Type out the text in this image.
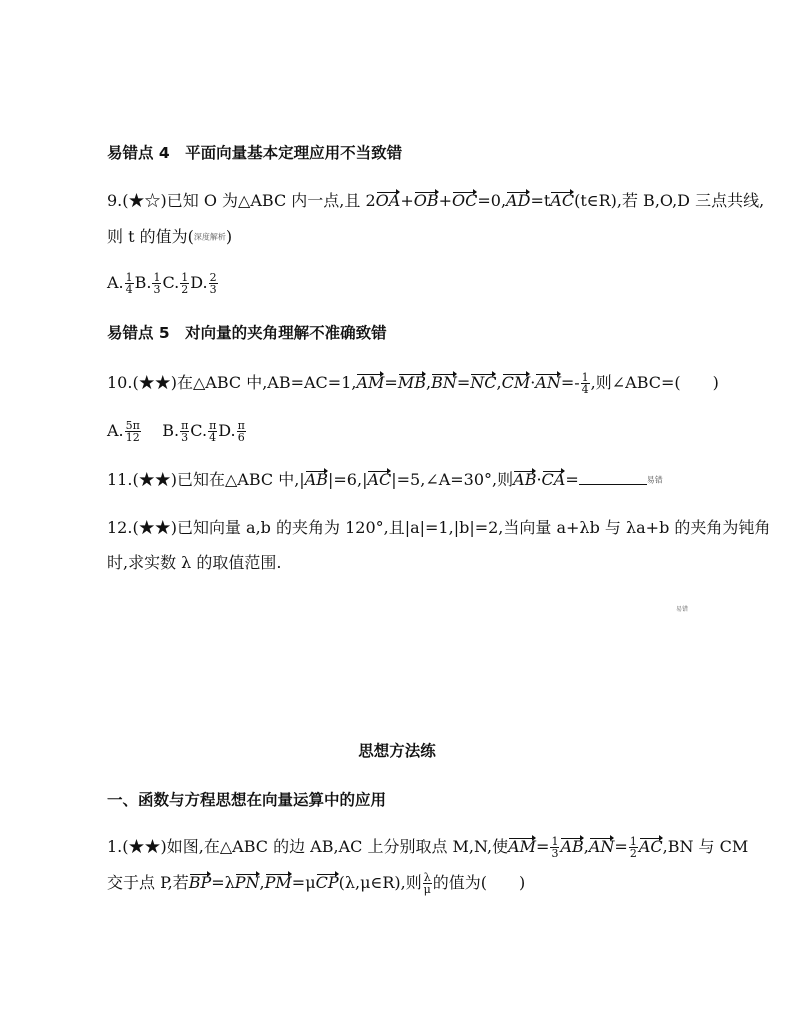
易错点 4　平面向量基本定理应用不当致错
9.(★☆)已知 O 为△ABC 内一点,且 2OA+OB+OC=0,AD=tAC(t∈R),若 B,O,D 三点共线,
则 t 的值为(深度解析)
A. $\frac{1}{4} B$. $\frac{1}{3} C$. $\frac{1}{2} D$. $\frac{2}{3}$
易错点 5　对向量的夹角理解不准确致错
10.(★★)在△ABC 中$,AB=AC=1,AM=MB,BN=NC,CM\cdot AN=- \frac{1}{4}$ ,则∠ABC=(　　)
A. $\frac{5\pi}{12} B$. $\frac{\pi}{3} C$. $\frac{\pi}{4} D$. $\frac{\pi}{6}$
11.(★★)已知在△ABC 中,|AB|=6,|AC|=5,∠A=30°,则AB·CA=	易错
12.(★★)已知向量 a,b 的夹角为 120°,且|a|=1,|b|=2,当向量 a+λb 与 λa+b 的夹角为钝角
时,求实数 λ 的取值范围.
易错
思想方法练
一、函数与方程思想在向量运算中的应用
1.(★★)如图,在△ABC 的边 AB,AC 上分别取点 M,N,使$AM= \frac{1}{3} AB,AN= \frac{1}{2} AC,BN$ 与 CM
交于点 P,若BP=λPN,PM=μCP(λ,μ∈R),则 $\frac{\lambda}{\mu}$ 的值为(　　)
